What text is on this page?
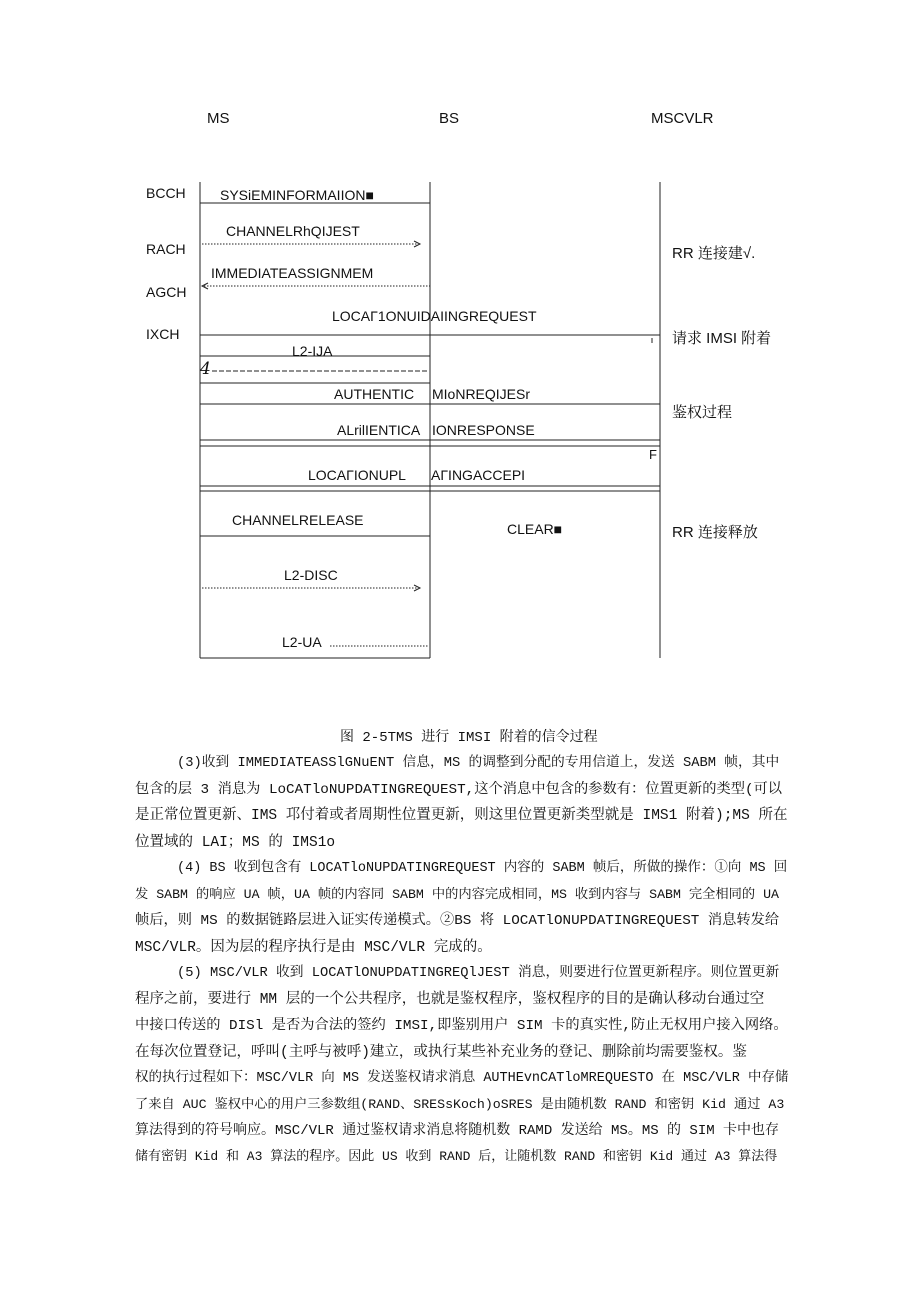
MS	BS	MSCVLR
BCCH
RACH
AGCH
IXCH
SYSiEMINFORMAIION■
CHANNELRhQIJEST
IMMEDIATEASSIGNMEM
LOCAΓ1ONUIDAIINGREQUEST
L2-IJA
4
AUTHENTIC MIoNREQIJESr
ALrilIENTICA IONRESPONSE
LOCAΓIONUPL AΓINGACCEPI
CHANNELRELEASE
CLEAR■
L2-DISC
L2-UA
RR 连接建√.
请求 IMSI 附着
鉴权过程
RR 连接释放
F
图 2-5TMS 进行 IMSI 附着的信令过程
(3)收到 IMMEDIATEASSlGNuENT 信息，MS 的调整到分配的专用信道上，发送 SABM 帧，其中
包含的层 3 消息为 LoCATloNUPDATINGREQUEST,这个消息中包含的参数有：位置更新的类型(可以
是正常位置更新、IMS 邛付着或者周期性位置更新，则这里位置更新类型就是 IMS1 附着);MS 所在
位置域的 LAI；MS 的 IMS1o
(4) BS 收到包含有 LOCATloNUPDATINGREQUEST 内容的 SABM 帧后，所做的操作：①向 MS 回
发 SABM 的响应 UA 帧，UA 帧的内容同 SABM 中的内容完成相同，MS 收到内容与 SABM 完全相同的 UA
帧后，则 MS 的数据链路层进入证实传递模式。②BS 将 LOCATlONUPDATINGREQUEST 消息转发给
MSC/VLR。因为层的程序执行是由 MSC/VLR 完成的。
(5) MSC/VLR 收到 LOCATlONUPDATINGREQlJEST 消息，则要进行位置更新程序。则位置更新
程序之前，要进行 MM 层的一个公共程序，也就是鉴权程序，鉴权程序的目的是确认移动台通过空
中接口传送的 DISl 是否为合法的签约 IMSI,即鉴别用户 SIM 卡的真实性,防止无权用户接入网络。
在每次位置登记，呼叫(主呼与被呼)建立，或执行某些补充业务的登记、删除前均需要鉴权。鉴
权的执行过程如下：MSC/VLR 向 MS 发送鉴权请求消息 AUTHEvnCATloMREQUESTO 在 MSC/VLR 中存储
了来自 AUC 鉴权中心的用户三参数组(RAND、SRESsKoch)oSRES 是由随机数 RAND 和密钥 Kid 通过 A3
算法得到的符号响应。MSC/VLR 通过鉴权请求消息将随机数 RAMD 发送给 MS。MS 的 SIM 卡中也存
储有密钥 Kid 和 A3 算法的程序。因此 US 收到 RAND 后，让随机数 RAND 和密钥 Kid 通过 A3 算法得
